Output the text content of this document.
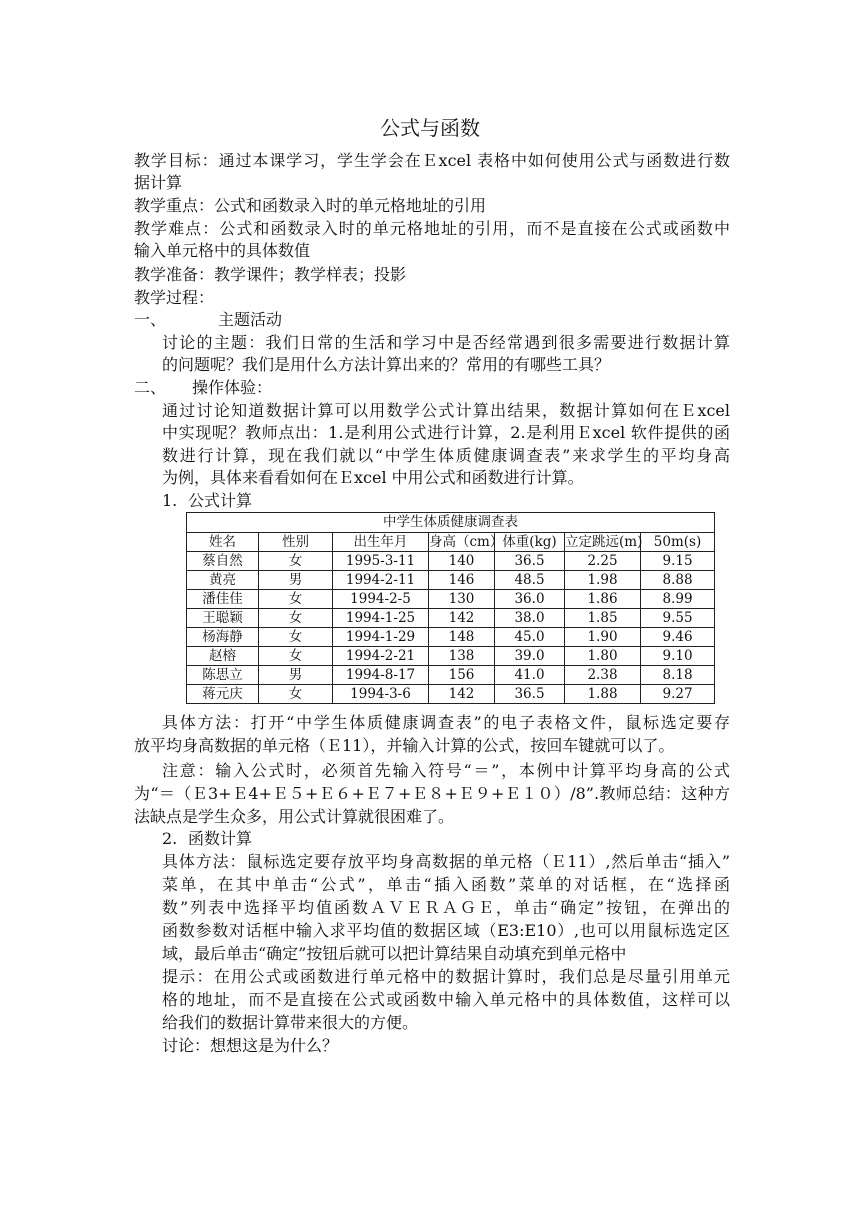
公式与函数
教学目标：通过本课学习，学生学会在Ｅxcel 表格中如何使用公式与函数进行数
据计算
教学重点：公式和函数录入时的单元格地址的引用
教学难点：公式和函数录入时的单元格地址的引用，而不是直接在公式或函数中
输入单元格中的具体数值
教学准备：教学课件；教学样表；投影
教学过程：
一、	主题活动
讨论的主题：我们日常的生活和学习中是否经常遇到很多需要进行数据计算
的问题呢？我们是用什么方法计算出来的？常用的有哪些工具？
二、 操作体验：
通过讨论知道数据计算可以用数学公式计算出结果，数据计算如何在Ｅxcel
中实现呢？教师点出：1.是利用公式进行计算，2.是利用Ｅxcel 软件提供的函
数进行计算，现在我们就以“中学生体质健康调查表”来求学生的平均身高
为例，具体来看看如何在Ｅxcel 中用公式和函数进行计算。
1. 公式计算
中学生体质健康调查表						
姓名	性别	出生年月	身高（cm）	体重(kg)	立定跳远(m)	50m(s)
蔡自然	女	1995-3-11	140	36.5	2.25	9.15
黄亮	男	1994-2-11	146	48.5	1.98	8.88
潘佳佳	女	1994-2-5	130	36.0	1.86	8.99
王聪颖	女	1994-1-25	142	38.0	1.85	9.55
杨海静	女	1994-1-29	148	45.0	1.90	9.46
赵榕	女	1994-2-21	138	39.0	1.80	9.10
陈思立	男	1994-8-17	156	41.0	2.38	8.18
蒋元庆	女	1994-3-6	142	36.5	1.88	9.27
具体方法：打开“中学生体质健康调查表”的电子表格文件，鼠标选定要存
放平均身高数据的单元格（Ｅ11），并输入计算的公式，按回车键就可以了。
注意：输入公式时，必须首先输入符号“＝”，本例中计算平均身高的公式
为“＝（Ｅ3+Ｅ4+Ｅ５+Ｅ６+Ｅ７+Ｅ８+Ｅ９+Ｅ１０）/8”.教师总结：这种方
法缺点是学生众多，用公式计算就很困难了。
2. 函数计算
具体方法：鼠标选定要存放平均身高数据的单元格（Ｅ11）,然后单击“插入”
菜单，在其中单击“公式”，单击“插入函数”菜单的对话框，在“选择函
数”列表中选择平均值函数ＡＶＥＲＡＧＥ，单击“确定”按钮，在弹出的
函数参数对话框中输入求平均值的数据区域（E3:E10）,也可以用鼠标选定区
域，最后单击“确定”按钮后就可以把计算结果自动填充到单元格中
提示：在用公式或函数进行单元格中的数据计算时，我们总是尽量引用单元
格的地址，而不是直接在公式或函数中输入单元格中的具体数值，这样可以
给我们的数据计算带来很大的方便。
讨论：想想这是为什么？
